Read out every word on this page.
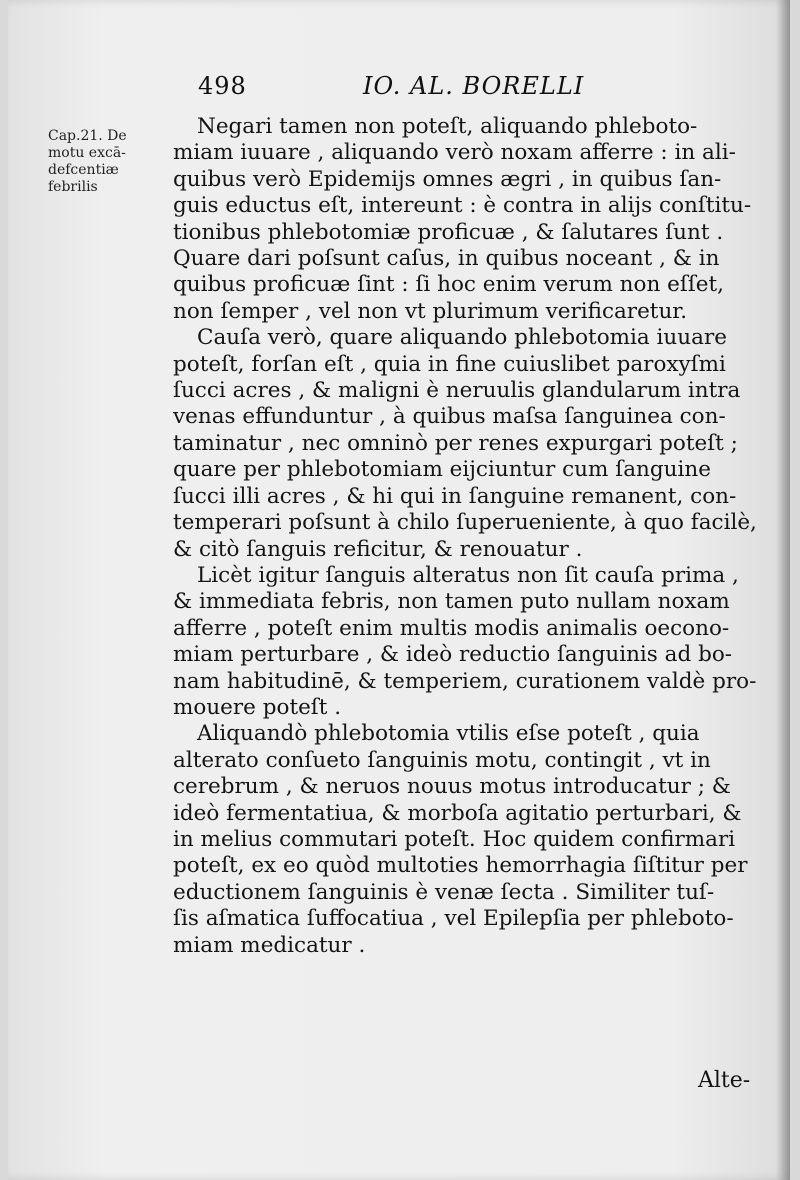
498	IO. AL. BORELLI
Cap.21. De
motu excā-
defcentiæ
febrilis
Negari tamen non poteſt, aliquando phleboto-
miam iuuare , aliquando verò noxam afferre : in ali-
quibus verò Epidemijs omnes ægri , in quibus ſan-
guis eductus eſt, intereunt : è contra in alijs conſtitu-
tionibus phlebotomiæ proficuæ , & ſalutares ſunt .
Quare dari poſsunt caſus, in quibus noceant , & in
quibus proficuæ ſint : ſi hoc enim verum non eſſet,
non ſemper , vel non vt plurimum verificaretur.
Cauſa verò, quare aliquando phlebotomia iuuare
poteſt, forſan eſt , quia in fine cuiuslibet paroxyſmi
ſucci acres , & maligni è neruulis glandularum intra
venas effunduntur , à quibus maſsa ſanguinea con-
taminatur , nec omninò per renes expurgari poteſt ;
quare per phlebotomiam eijciuntur cum ſanguine
ſucci illi acres , & hi qui in ſanguine remanent, con-
temperari poſsunt à chilo ſuperueniente, à quo facilè,
& citò ſanguis reficitur, & renouatur .
Licèt igitur ſanguis alteratus non ſit cauſa prima ,
& immediata febris, non tamen puto nullam noxam
afferre , poteſt enim multis modis animalis oecono-
miam perturbare , & ideò reductio ſanguinis ad bo-
nam habitudinē, & temperiem, curationem valdè pro-
mouere poteſt .
Aliquandò phlebotomia vtilis eſse poteſt , quia
alterato conſueto ſanguinis motu, contingit , vt in
cerebrum , & neruos nouus motus introducatur ; &
ideò fermentatiua, & morboſa agitatio perturbari, &
in melius commutari poteſt. Hoc quidem confirmari
poteſt, ex eo quòd multoties hemorrhagia ſiſtitur per
eductionem ſanguinis è venæ ſecta . Similiter tuſ-
ſis aſmatica ſuffocatiua , vel Epilepſia per phleboto-
miam medicatur .
Alte-
